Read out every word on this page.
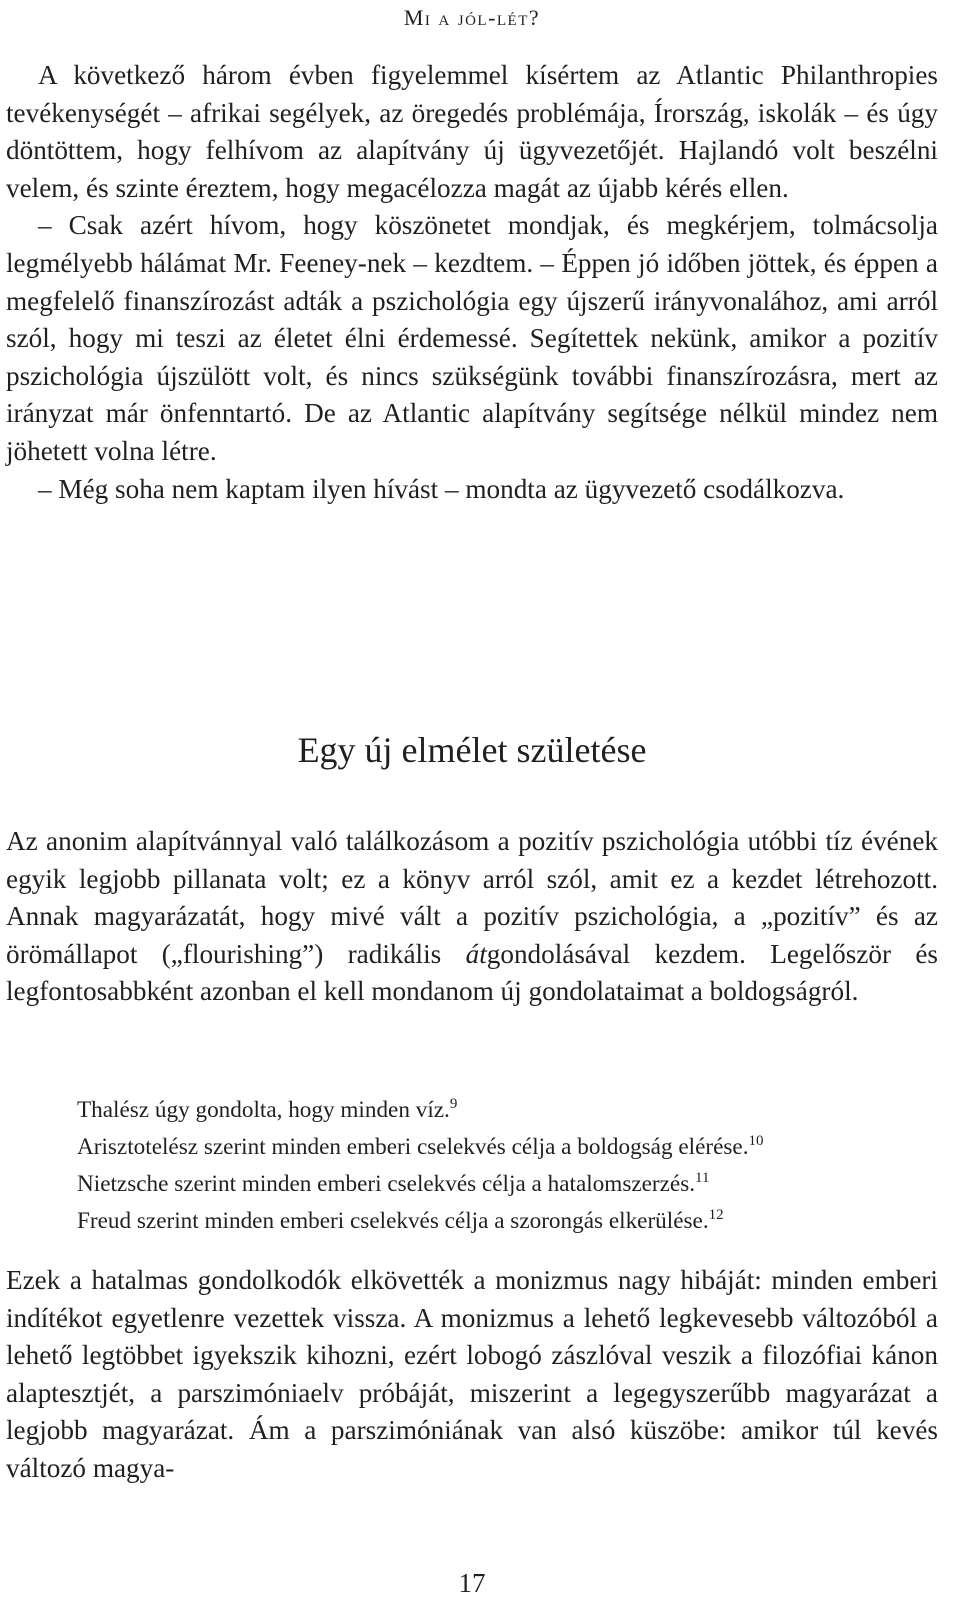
Mi a jól-lét?

A következő három évben figyelemmel kísértem az Atlantic Philanthropies tevékenységét – afrikai segélyek, az öregedés problémája, Írország, iskolák – és úgy döntöttem, hogy felhívom az alapítvány új ügyvezetőjét. Hajlandó volt beszélni velem, és szinte éreztem, hogy megacélozza magát az újabb kérés ellen.

– Csak azért hívom, hogy köszönetet mondjak, és megkérjem, tolmácsolja legmélyebb hálámat Mr. Feeney-nek – kezdtem. – Éppen jó időben jöttek, és éppen a megfelelő finanszírozást adták a pszichológia egy újszerű irányvonalához, ami arról szól, hogy mi teszi az életet élni érdemessé. Segítettek nekünk, amikor a pozitív pszichológia újszülött volt, és nincs szükségünk további finanszírozásra, mert az irányzat már önfenntartó. De az Atlantic alapítvány segítsége nélkül mindez nem jöhetett volna létre.

– Még soha nem kaptam ilyen hívást – mondta az ügyvezető csodálkozva.

Egy új elmélet születése

Az anonim alapítvánnyal való találkozásom a pozitív pszichológia utóbbi tíz évének egyik legjobb pillanata volt; ez a könyv arról szól, amit ez a kezdet létrehozott. Annak magyarázatát, hogy mivé vált a pozitív pszichológia, a „pozitív” és az örömállapot („flourishing”) radikális átgondolásával kezdem. Legelőször és legfontosabbként azonban el kell mondanom új gondolataimat a boldogságról.

Thalész úgy gondolta, hogy minden víz.$^9$
Arisztotelész szerint minden emberi cselekvés célja a boldogság elérése.$^{10}$
Nietzsche szerint minden emberi cselekvés célja a hatalomszerzés.$^{11}$
Freud szerint minden emberi cselekvés célja a szorongás elkerülése.$^{12}$

Ezek a hatalmas gondolkodók elkövették a monizmus nagy hibáját: minden emberi indítékot egyetlenre vezettek vissza. A monizmus a lehető legkevesebb változóból a lehető legtöbbet igyekszik kihozni, ezért lobogó zászlóval veszik a filozófiai kánon alaptesztjét, a parszimóniaelv próbáját, miszerint a legegyszerűbb magyarázat a legjobb magyarázat. Ám a parszimóniának van alsó küszöbe: amikor túl kevés változó magya-

17
